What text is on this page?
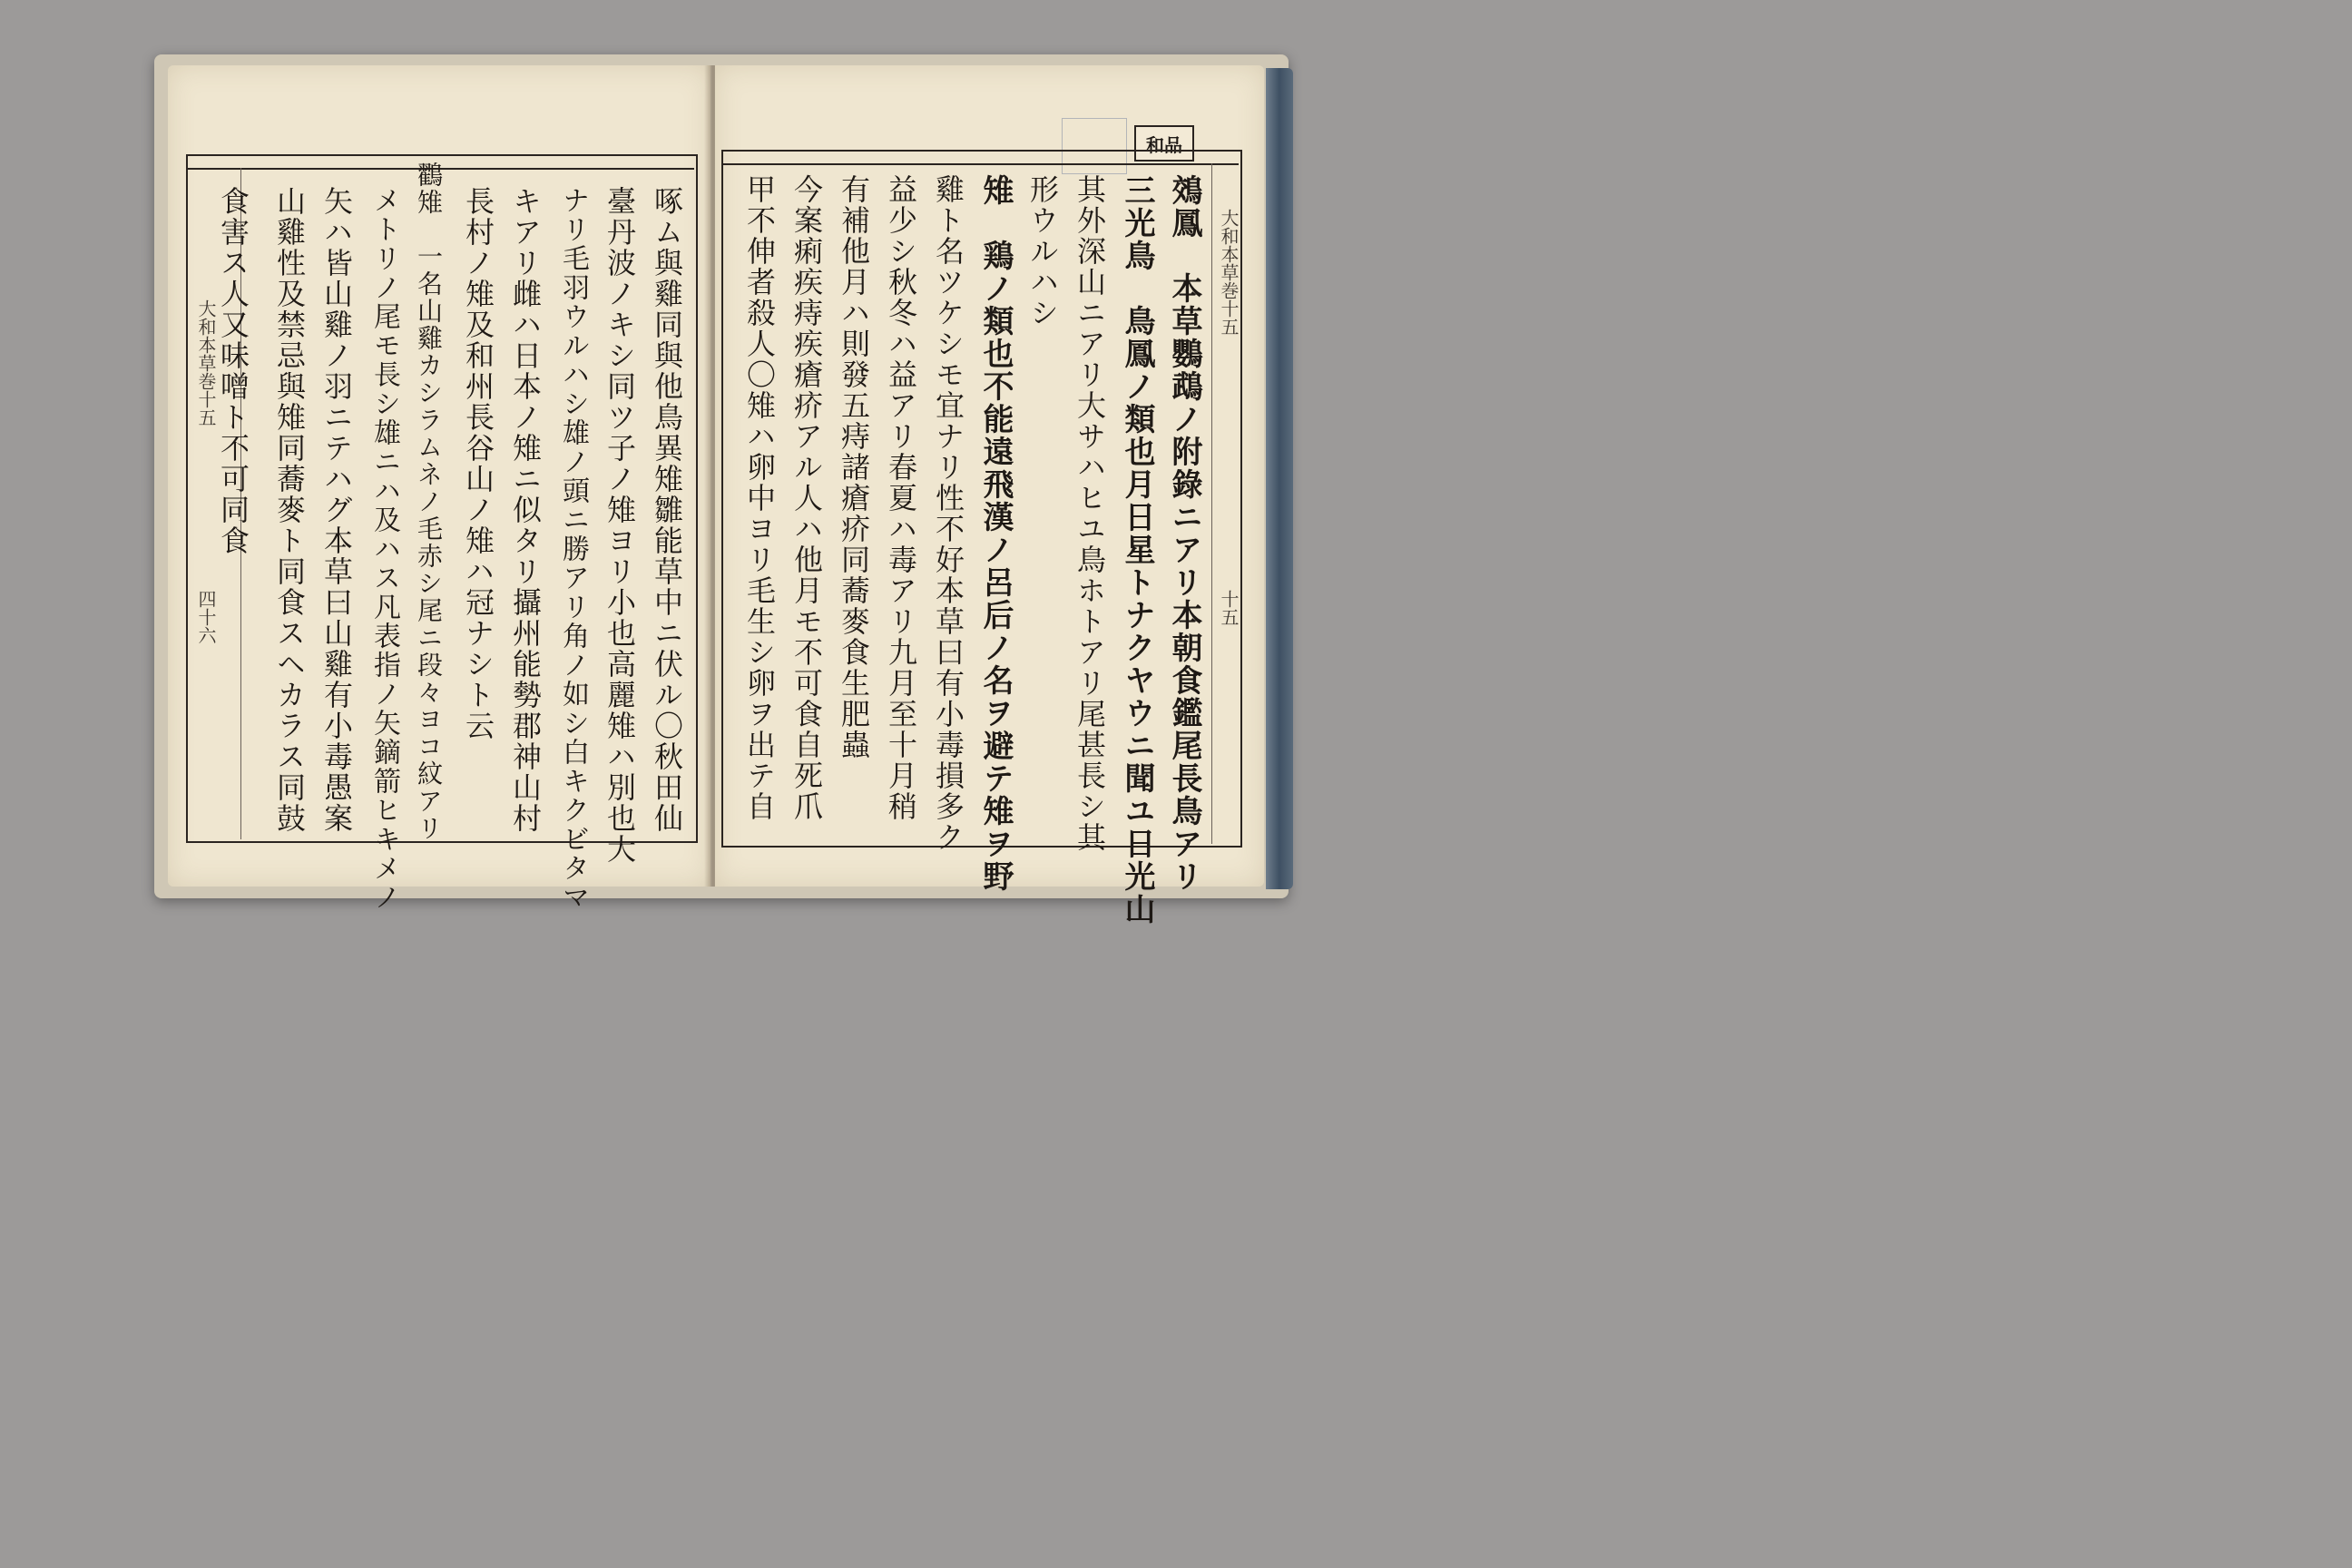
大和本草巻十五
四十六	啄ム與雞同與他鳥異雉雛能草中ニ伏ル〇秋田仙
臺丹波ノキシ同ツ子ノ雉ヨリ小也高麗雉ハ別也大
ナリ毛羽ウルハシ雄ノ頭ニ勝アリ角ノ如シ白キクビタマ
キアリ雌ハ日本ノ雉ニ似タリ攝州能勢郡神山村
長村ノ雉及和州長谷山ノ雉ハ冠ナシト云
鸐雉　一名山雞カシラムネノ毛赤シ尾ニ段々ヨコ紋アリ
メトリノ尾モ長シ雄ニハ及ハス凡表指ノ矢鏑箭ヒキメノ
矢ハ皆山雞ノ羽ニテハグ本草曰山雞有小毒愚案
山雞性及禁忌與雉同蕎麥ト同食スヘカラス同鼓
食害ス人又味噌ト不可同食
和品
大和本草巻十五
十五
鵁鳳　本草鸚鵡ノ附錄ニアリ本朝食鑑尾長鳥アリ
三光鳥　鳥鳳ノ類也月日星トナクヤウニ聞ユ日光山
其外深山ニアリ大サハヒユ鳥ホトアリ尾甚長シ其
形ウルハシ
雉　鶏ノ類也不能遠飛漢ノ呂后ノ名ヲ避テ雉ヲ野
雞ト名ツケシモ宜ナリ性不好本草曰有小毒損多ク
益少シ秋冬ハ益アリ春夏ハ毒アリ九月至十月稍
有補他月ハ則發五痔諸瘡疥同蕎麥食生肥蟲
今案痢疾痔疾瘡疥アル人ハ他月モ不可食自死爪
甲不伸者殺人〇雉ハ卵中ヨリ毛生シ卵ヲ出テ自
